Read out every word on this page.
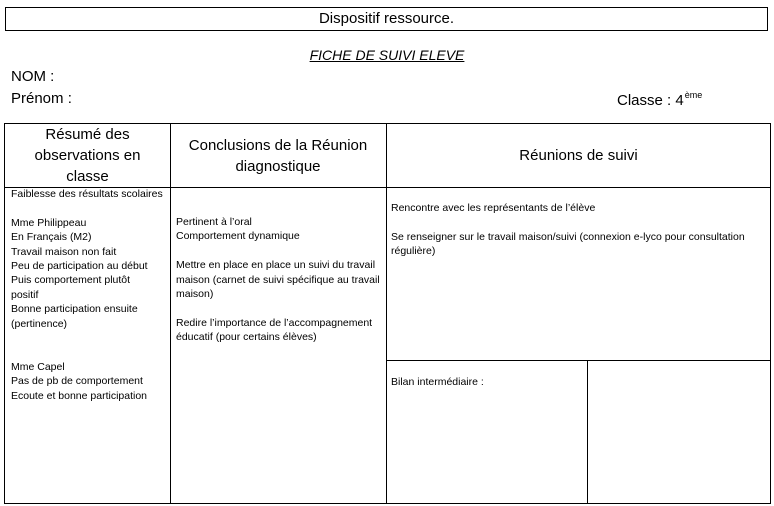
Dispositif ressource.
FICHE DE SUIVI ELEVE
NOM :
Prénom :	Classe : 4ème
Résumé des observations en classe
Conclusions de la Réunion diagnostique
Réunions de suivi
Faiblesse des résultats scolaires
Mme Philippeau
En Français (M2)
Travail maison non fait
Peu de participation au début
Puis comportement plutôt positif
Bonne participation ensuite (pertinence)
Mme Capel
Pas de pb de comportement
Ecoute et bonne participation
Pertinent à l’oral
Comportement dynamique
Mettre en place en place un suivi du travail maison (carnet de suivi spécifique au travail maison)
Redire l’importance de l’accompagnement éducatif (pour certains élèves)
Rencontre avec les représentants de l’élève
Se renseigner sur le travail maison/suivi (connexion e-lyco pour consultation régulière)
Bilan intermédiaire :
